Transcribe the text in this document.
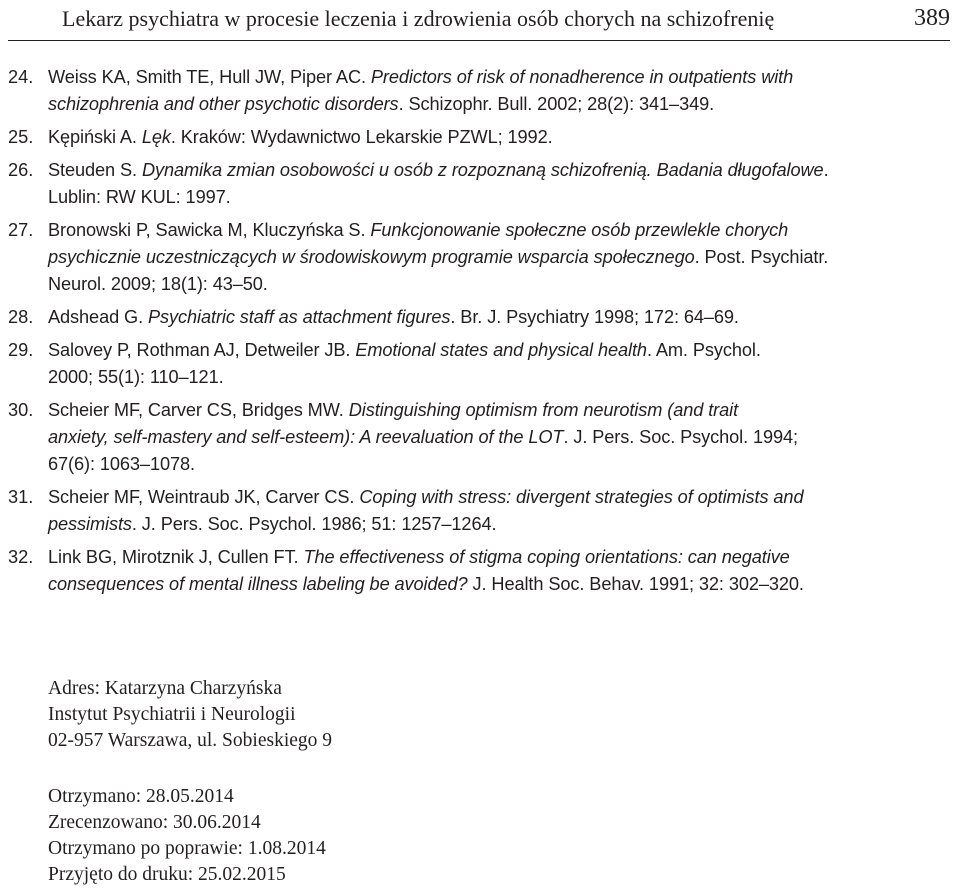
Lekarz psychiatra w procesie leczenia i zdrowienia osób chorych na schizofrenię	389
24. Weiss KA, Smith TE, Hull JW, Piper AC. Predictors of risk of nonadherence in outpatients with
schizophrenia and other psychotic disorders. Schizophr. Bull. 2002; 28(2): 341–349.
25. Kępiński A. Lęk. Kraków: Wydawnictwo Lekarskie PZWL; 1992.
26. Steuden S. Dynamika zmian osobowości u osób z rozpoznaną schizofrenią. Badania długofalowe.
Lublin: RW KUL: 1997.
27. Bronowski P, Sawicka M, Kluczyńska S. Funkcjonowanie społeczne osób przewlekle chorych
psychicznie uczestniczących w środowiskowym programie wsparcia społecznego. Post. Psychiatr.
Neurol. 2009; 18(1): 43–50.
28. Adshead G. Psychiatric staff as attachment figures. Br. J. Psychiatry 1998; 172: 64–69.
29. Salovey P, Rothman AJ, Detweiler JB. Emotional states and physical health. Am. Psychol.
2000; 55(1): 110–121.
30. Scheier MF, Carver CS, Bridges MW. Distinguishing optimism from neurotism (and trait
anxiety, self-mastery and self-esteem): A reevaluation of the LOT. J. Pers. Soc. Psychol. 1994;
67(6): 1063–1078.
31. Scheier MF, Weintraub JK, Carver CS. Coping with stress: divergent strategies of optimists and
pessimists. J. Pers. Soc. Psychol. 1986; 51: 1257–1264.
32. Link BG, Mirotznik J, Cullen FT. The effectiveness of stigma coping orientations: can negative
consequences of mental illness labeling be avoided? J. Health Soc. Behav. 1991; 32: 302–320.
Adres: Katarzyna Charzyńska
Instytut Psychiatrii i Neurologii
02-957 Warszawa, ul. Sobieskiego 9
Otrzymano: 28.05.2014
Zrecenzowano: 30.06.2014
Otrzymano po poprawie: 1.08.2014
Przyjęto do druku: 25.02.2015
